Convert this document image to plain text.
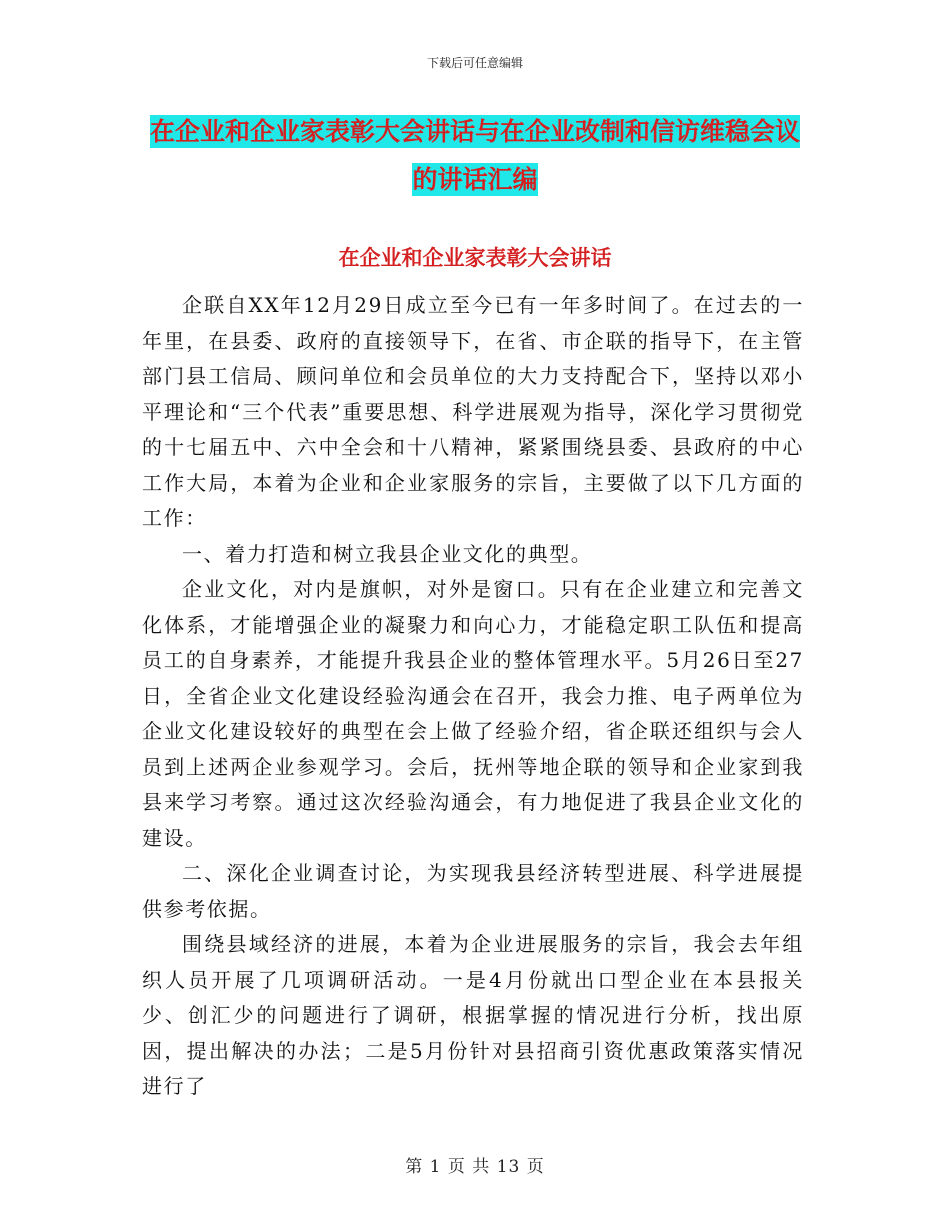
下载后可任意编辑
在企业和企业家表彰大会讲话与在企业改制和信访维稳会议的讲话汇编
在企业和企业家表彰大会讲话

企联自XX年12月29日成立至今已有一年多时间了。在过去的一年里，在县委、政府的直接领导下，在省、市企联的指导下，在主管部门县工信局、顾问单位和会员单位的大力支持配合下，坚持以邓小平理论和“三个代表”重要思想、科学进展观为指导，深化学习贯彻党的十七届五中、六中全会和十八精神，紧紧围绕县委、县政府的中心工作大局，本着为企业和企业家服务的宗旨，主要做了以下几方面的工作：

一、着力打造和树立我县企业文化的典型。

企业文化，对内是旗帜，对外是窗口。只有在企业建立和完善文化体系，才能增强企业的凝聚力和向心力，才能稳定职工队伍和提高员工的自身素养，才能提升我县企业的整体管理水平。5月26日至27日，全省企业文化建设经验沟通会在召开，我会力推、电子两单位为企业文化建设较好的典型在会上做了经验介绍，省企联还组织与会人员到上述两企业参观学习。会后，抚州等地企联的领导和企业家到我县来学习考察。通过这次经验沟通会，有力地促进了我县企业文化的建设。

二、深化企业调查讨论，为实现我县经济转型进展、科学进展提供参考依据。

围绕县域经济的进展，本着为企业进展服务的宗旨，我会去年组织人员开展了几项调研活动。一是4月份就出口型企业在本县报关少、创汇少的问题进行了调研，根据掌握的情况进行分析，找出原因，提出解决的办法；二是5月份针对县招商引资优惠政策落实情况进行了

第 1 页 共 13 页
